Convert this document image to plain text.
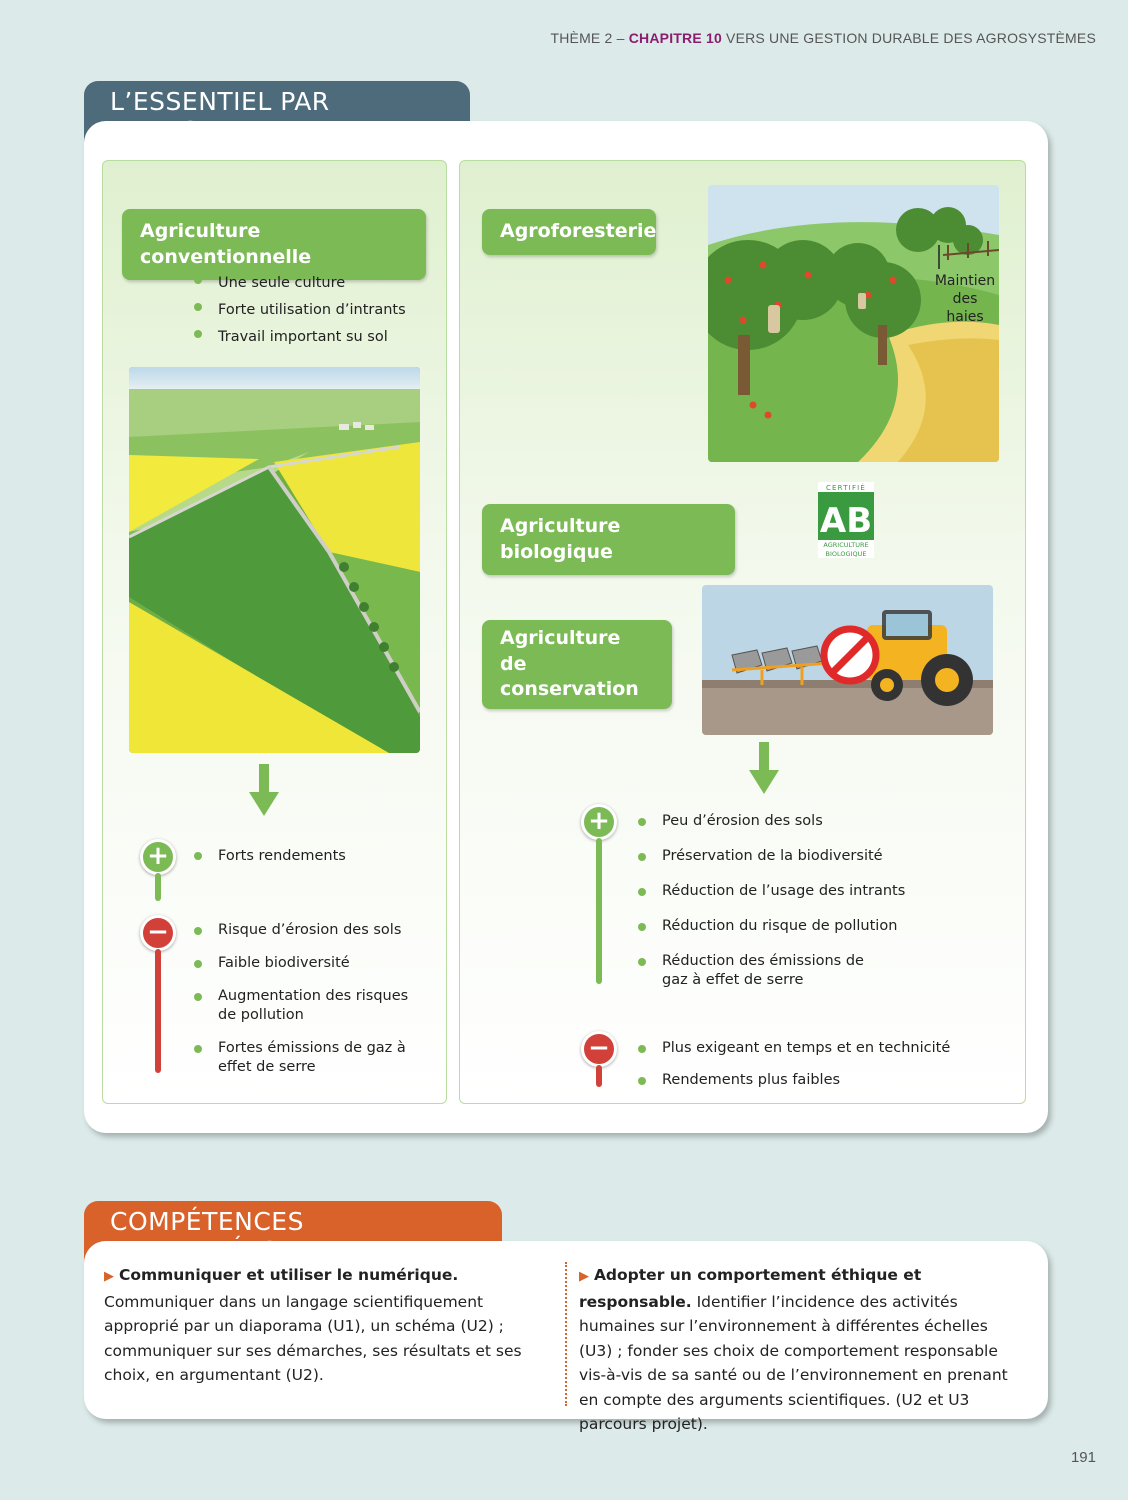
THÈME 2 – CHAPITRE 10 VERS UNE GESTION DURABLE DES AGROSYSTÈMES
L’ESSENTIEL PAR
Agriculture conventionnelle
Une seule culture
Forte utilisation d’intrants
Travail important su sol
+	Forts rendements
−	Risque d’érosion des sols
Faible biodiversité
Augmentation des risques de pollution
Fortes émissions de gaz à effet de serre
Agroforesterie
Maintien des haies
Agriculture biologique
CERTIFIÉ
AB
AGRICULTURE
BIOLOGIQUE
Agriculture
de conservation
+	Peu d’érosion des sols
Préservation de la biodiversité
Réduction de l’usage des intrants
Réduction du risque de pollution
Réduction des émissions de gaz à effet de serre
−	Plus exigeant en temps et en technicité
Rendements plus faibles
COMPÉTENCES
▶ Communiquer et utiliser le numérique. Communiquer dans un langage scientifiquement approprié par un diaporama (U1), un schéma (U2) ; communiquer sur ses démarches, ses résultats et ses choix, en argumentant (U2).
▶ Adopter un comportement éthique et responsable. Identifier l’incidence des activités humaines sur l’environnement à différentes échelles (U3) ; fonder ses choix de comportement responsable vis-à-vis de sa santé ou de l’environnement en prenant en compte des arguments scientifiques. (U2 et U3 parcours projet).
191
